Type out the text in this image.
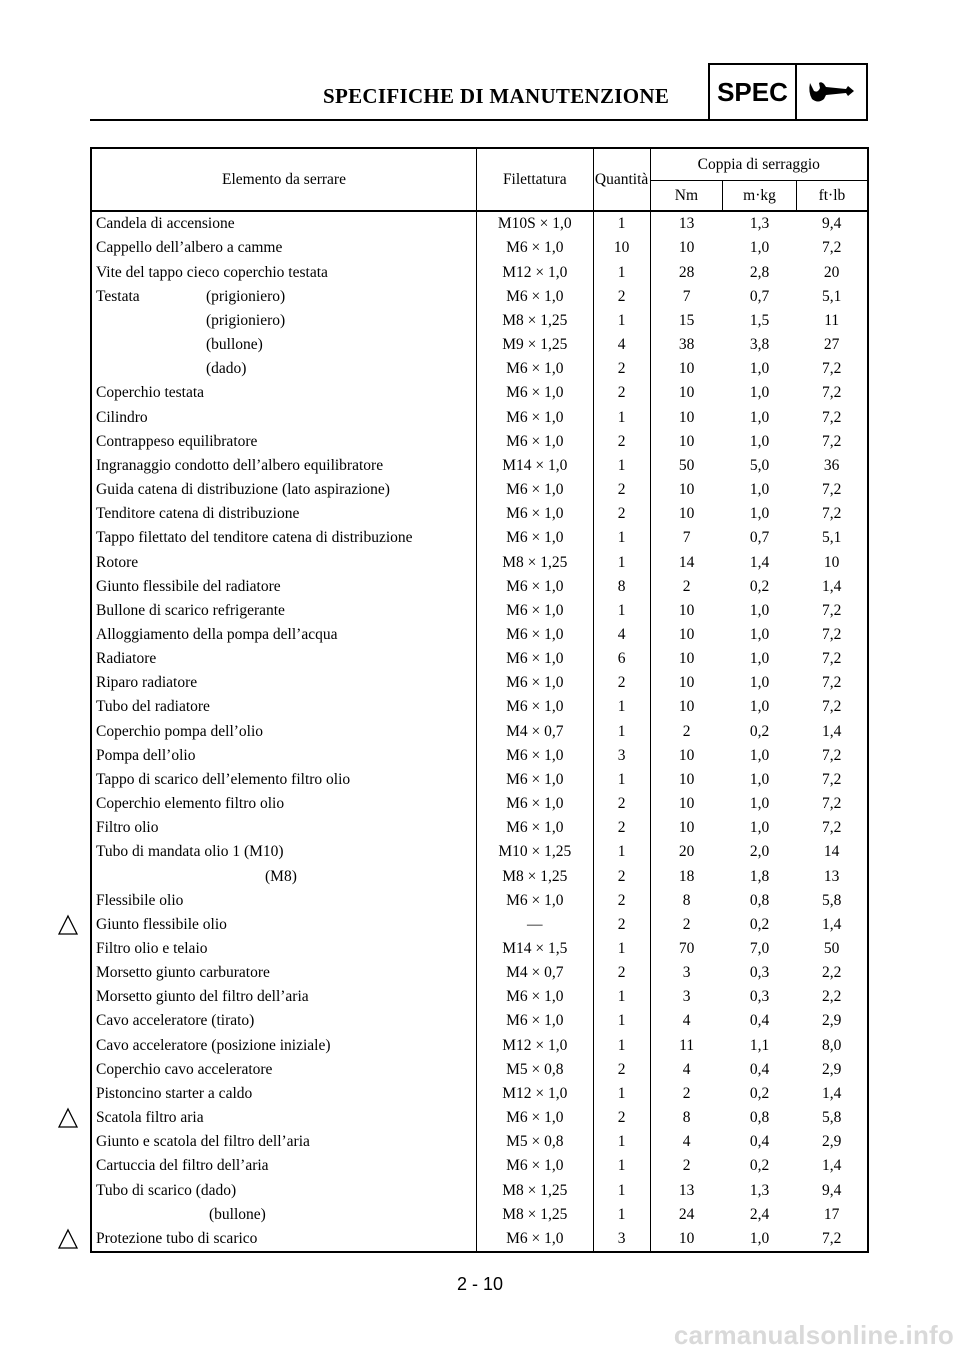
SPECIFICHE DI MANUTENZIONE SPEC
Elemento da serrare	Filettatura	Quantità	Coppia di serraggio		
			Nm	m·kg	ft·lb
Candela di accensione	M10S × 1,0	1	13	1,3	9,4
Cappello dell’albero a camme	M6 × 1,0	10	10	1,0	7,2
Vite del tappo cieco coperchio testata	M12 × 1,0	1	28	2,8	20
Testata (prigioniero)	M6 × 1,0	2	7	0,7	5,1
(prigioniero)	M8 × 1,25	1	15	1,5	11
(bullone)	M9 × 1,25	4	38	3,8	27
(dado)	M6 × 1,0	2	10	1,0	7,2
Coperchio testata	M6 × 1,0	2	10	1,0	7,2
Cilindro	M6 × 1,0	1	10	1,0	7,2
Contrappeso equilibratore	M6 × 1,0	2	10	1,0	7,2
Ingranaggio condotto dell’albero equilibratore	M14 × 1,0	1	50	5,0	36
Guida catena di distribuzione (lato aspirazione)	M6 × 1,0	2	10	1,0	7,2
Tenditore catena di distribuzione	M6 × 1,0	2	10	1,0	7,2
Tappo filettato del tenditore catena di distribuzione	M6 × 1,0	1	7	0,7	5,1
Rotore	M8 × 1,25	1	14	1,4	10
Giunto flessibile del radiatore	M6 × 1,0	8	2	0,2	1,4
Bullone di scarico refrigerante	M6 × 1,0	1	10	1,0	7,2
Alloggiamento della pompa dell’acqua	M6 × 1,0	4	10	1,0	7,2
Radiatore	M6 × 1,0	6	10	1,0	7,2
Riparo radiatore	M6 × 1,0	2	10	1,0	7,2
Tubo del radiatore	M6 × 1,0	1	10	1,0	7,2
Coperchio pompa dell’olio	M4 × 0,7	1	2	0,2	1,4
Pompa dell’olio	M6 × 1,0	3	10	1,0	7,2
Tappo di scarico dell’elemento filtro olio	M6 × 1,0	1	10	1,0	7,2
Coperchio elemento filtro olio	M6 × 1,0	2	10	1,0	7,2
Filtro olio	M6 × 1,0	2	10	1,0	7,2
Tubo di mandata olio 1 (M10)	M10 × 1,25	1	20	2,0	14
(M8)	M8 × 1,25	2	18	1,8	13
Flessibile olio	M6 × 1,0	2	8	0,8	5,8
Giunto flessibile olio	—	2	2	0,2	1,4
Filtro olio e telaio	M14 × 1,5	1	70	7,0	50
Morsetto giunto carburatore	M4 × 0,7	2	3	0,3	2,2
Morsetto giunto del filtro dell’aria	M6 × 1,0	1	3	0,3	2,2
Cavo acceleratore (tirato)	M6 × 1,0	1	4	0,4	2,9
Cavo acceleratore (posizione iniziale)	M12 × 1,0	1	11	1,1	8,0
Coperchio cavo acceleratore	M5 × 0,8	2	4	0,4	2,9
Pistoncino starter a caldo	M12 × 1,0	1	2	0,2	1,4
Scatola filtro aria	M6 × 1,0	2	8	0,8	5,8
Giunto e scatola del filtro dell’aria	M5 × 0,8	1	4	0,4	2,9
Cartuccia del filtro dell’aria	M6 × 1,0	1	2	0,2	1,4
Tubo di scarico (dado)	M8 × 1,25	1	13	1,3	9,4
(bullone)	M8 × 1,25	1	24	2,4	17
Protezione tubo di scarico	M6 × 1,0	3	10	1,0	7,2
2 - 10
carmanualsonline.info
